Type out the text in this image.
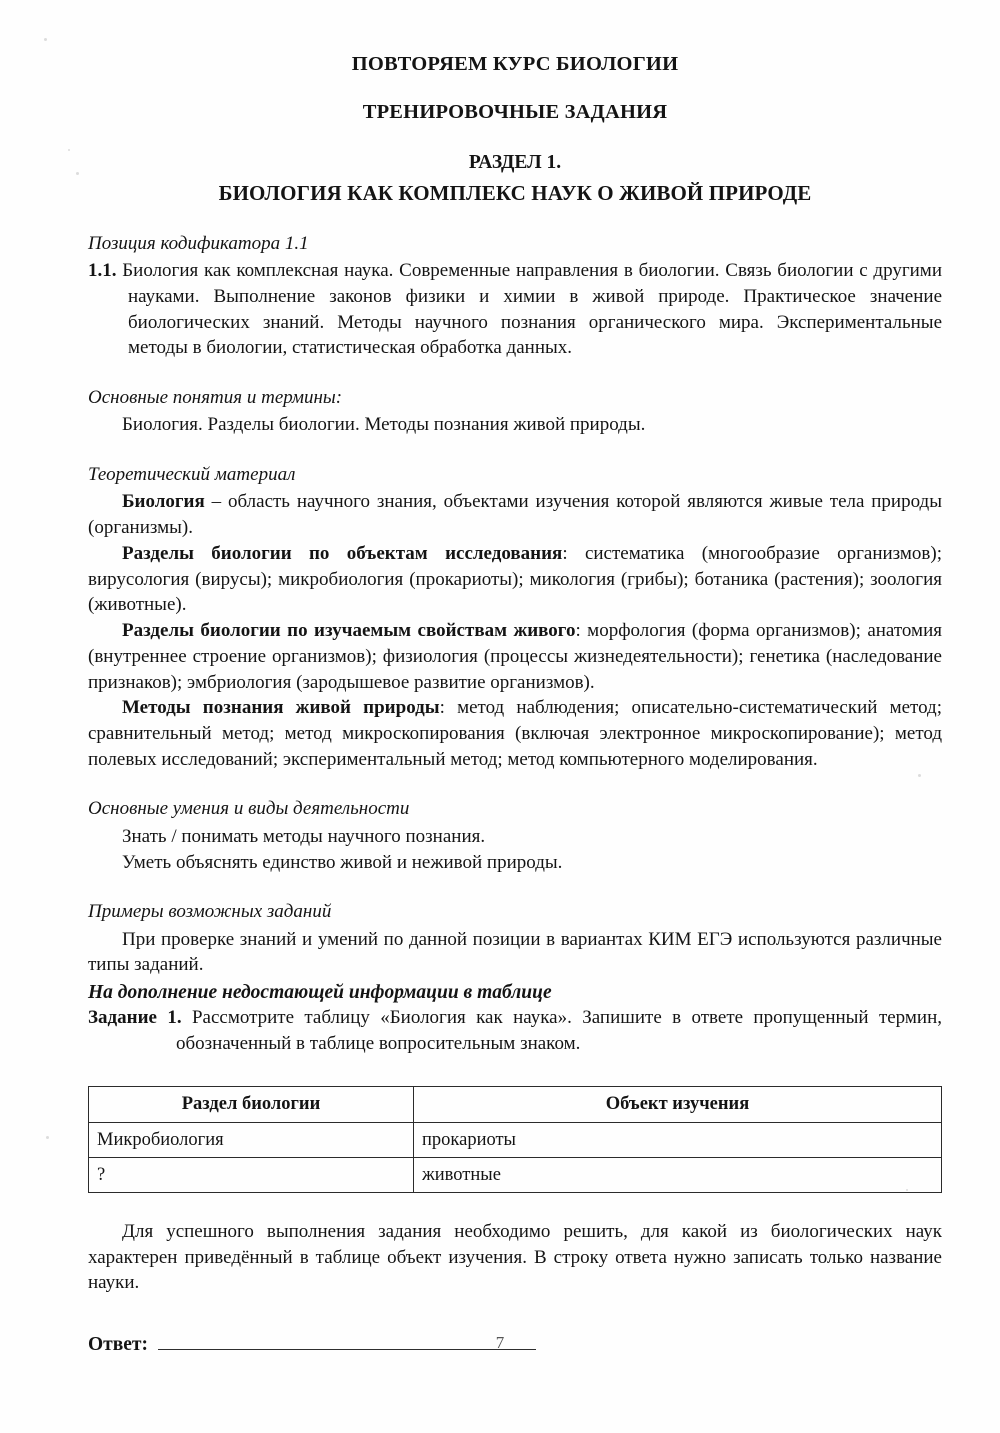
ПОВТОРЯЕМ КУРС БИОЛОГИИ
ТРЕНИРОВОЧНЫЕ ЗАДАНИЯ
РАЗДЕЛ 1.
БИОЛОГИЯ КАК КОМПЛЕКС НАУК О ЖИВОЙ ПРИРОДЕ
Позиция кодификатора 1.1

1.1. Биология как комплексная наука. Современные направления в биологии. Связь биологии с другими науками. Выполнение законов физики и химии в живой природе. Практическое значение биологических знаний. Методы научного познания органического мира. Экспериментальные методы в биологии, статистическая обработка данных.

Основные понятия и термины:

Биология. Разделы биологии. Методы познания живой природы.

Теоретический материал

Биология – область научного знания, объектами изучения которой являются живые тела природы (организмы).

Разделы биологии по объектам исследования: систематика (многообразие организмов); вирусология (вирусы); микробиология (прокариоты); микология (грибы); ботаника (растения); зоология (животные).

Разделы биологии по изучаемым свойствам живого: морфология (форма организмов); анатомия (внутреннее строение организмов); физиология (процессы жизнедеятельности); генетика (наследование признаков); эмбриология (зародышевое развитие организмов).

Методы познания живой природы: метод наблюдения; описательно-систематический метод; сравнительный метод; метод микроскопирования (включая электронное микроскопирование); метод полевых исследований; экспериментальный метод; метод компьютерного моделирования.

Основные умения и виды деятельности

Знать / понимать методы научного познания.

Уметь объяснять единство живой и неживой природы.

Примеры возможных заданий

При проверке знаний и умений по данной позиции в вариантах КИМ ЕГЭ используются различные типы заданий.

На дополнение недостающей информации в таблице

Задание 1. Рассмотрите таблицу «Биология как наука». Запишите в ответе пропущенный термин, обозначенный в таблице вопросительным знаком.

Раздел биологии	Объект изучения
Микробиология	прокариоты
?	животные

Для успешного выполнения задания необходимо решить, для какой из биологических наук характерен приведённый в таблице объект изучения. В строку ответа нужно записать только название науки.

Ответ:	7
